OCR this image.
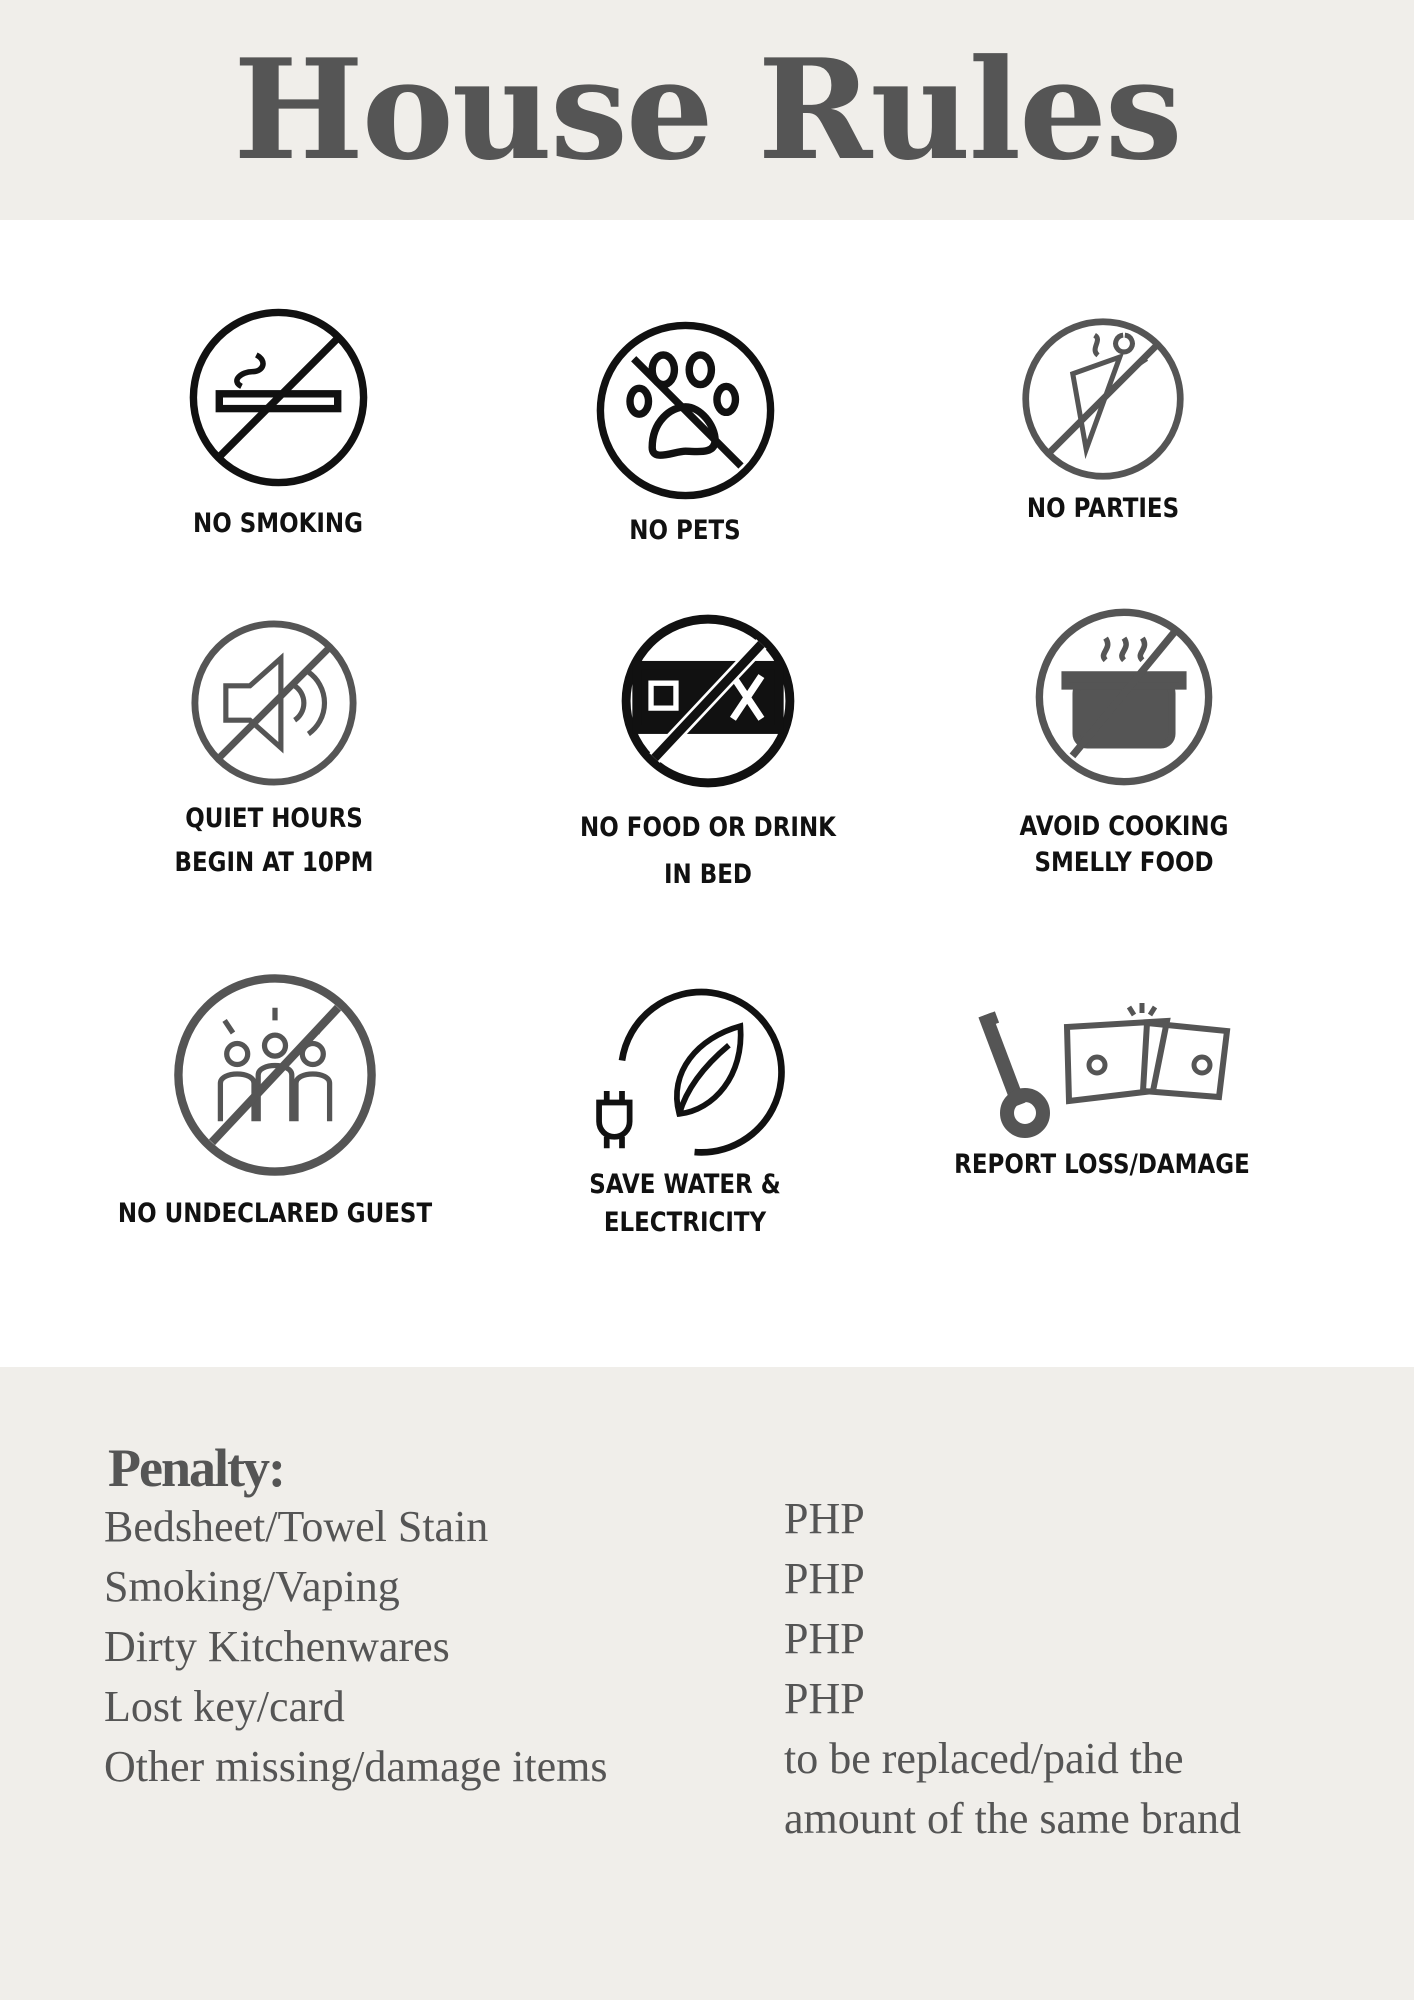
House Rules
NO SMOKING	NO PETS
NO PARTIES
QUIET HOURS
BEGIN AT 10PM
NO FOOD OR DRINK
IN BED
AVOID COOKING
SMELLY FOOD
NO UNDECLARED GUEST
SAVE WATER &
ELECTRICITY
REPORT LOSS/DAMAGE
Penalty:
Bedsheet/Towel Stain
Smoking/Vaping
Dirty Kitchenwares
Lost key/card
Other missing/damage items
PHP
PHP
PHP
PHP
to be replaced/paid the amount of the same brand
